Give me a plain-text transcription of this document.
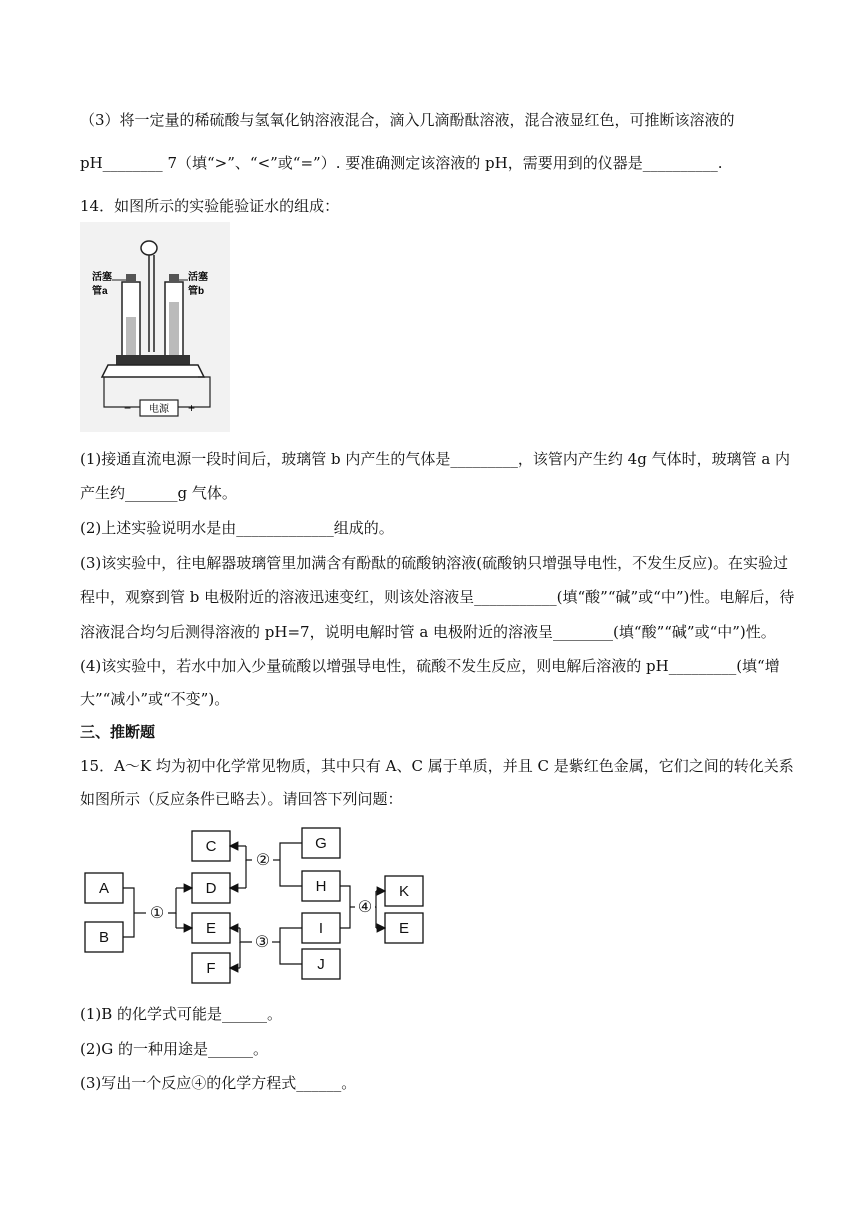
（3）将一定量的稀硫酸与氢氧化钠溶液混合，滴入几滴酚酞溶液，混合液显红色，可推断该溶液的
pH________ 7（填“>”、“<”或“=”）. 要准确测定该溶液的 pH，需要用到的仪器是__________.
14．如图所示的实验能验证水的组成：
电源
−	+
活塞
管a
活塞
管b
(1)接通直流电源一段时间后，玻璃管 b 内产生的气体是_________，该管内产生约 4g 气体时，玻璃管 a 内
产生约_______g 气体。
(2)上述实验说明水是由_____________组成的。
(3)该实验中，往电解器玻璃管里加满含有酚酞的硫酸钠溶液(硫酸钠只增强导电性，不发生反应)。在实验过
程中，观察到管 b 电极附近的溶液迅速变红，则该处溶液呈___________(填“酸”“碱”或“中”)性。电解后，待
溶液混合均匀后测得溶液的 pH=7，说明电解时管 a 电极附近的溶液呈________(填“酸”“碱”或“中”)性。
(4)该实验中，若水中加入少量硫酸以增强导电性，硫酸不发生反应，则电解后溶液的 pH_________(填“增
大”“减小”或“不变”)。
三、推断题
15．A～K 均为初中化学常见物质，其中只有 A、C 属于单质，并且 C 是紫红色金属，它们之间的转化关系
如图所示（反应条件已略去）。请回答下列问题：
A
B
C
D
E
F
G
H
I
J
K
E
①
②
③
④
(1)B 的化学式可能是______。
(2)G 的一种用途是______。
(3)写出一个反应④的化学方程式______。
